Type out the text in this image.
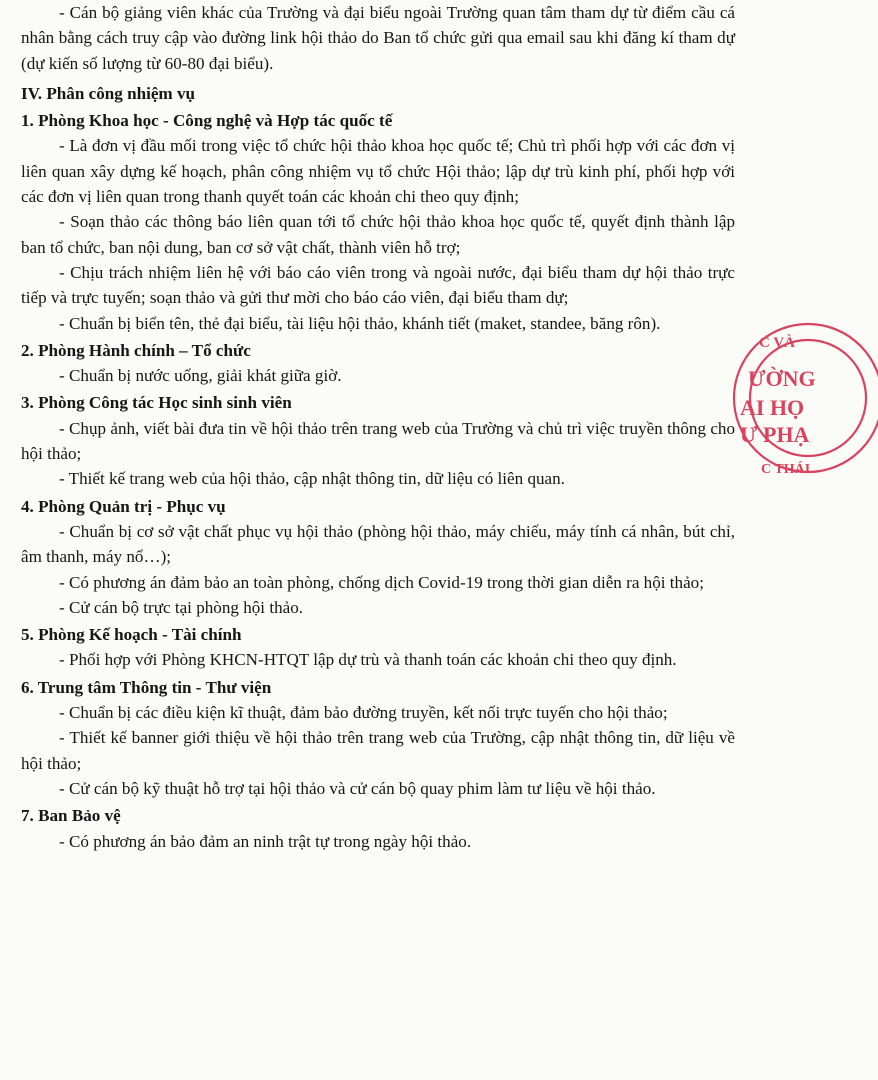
- Cán bộ giảng viên khác của Trường và đại biểu ngoài Trường quan tâm tham dự từ điểm cầu cá nhân bằng cách truy cập vào đường link hội thảo do Ban tổ chức gửi qua email sau khi đăng kí tham dự (dự kiến số lượng từ 60-80 đại biểu).

IV. Phân công nhiệm vụ

1. Phòng Khoa học - Công nghệ và Hợp tác quốc tế

- Là đơn vị đầu mối trong việc tổ chức hội thảo khoa học quốc tế; Chủ trì phối hợp với các đơn vị liên quan xây dựng kế hoạch, phân công nhiệm vụ tổ chức Hội thảo; lập dự trù kinh phí, phối hợp với các đơn vị liên quan trong thanh quyết toán các khoản chi theo quy định;

- Soạn thảo các thông báo liên quan tới tổ chức hội thảo khoa học quốc tế, quyết định thành lập ban tổ chức, ban nội dung, ban cơ sở vật chất, thành viên hỗ trợ;

- Chịu trách nhiệm liên hệ với báo cáo viên trong và ngoài nước, đại biểu tham dự hội thảo trực tiếp và trực tuyến; soạn thảo và gửi thư mời cho báo cáo viên, đại biểu tham dự;

- Chuẩn bị biển tên, thẻ đại biểu, tài liệu hội thảo, khánh tiết (maket, standee, băng rôn).

2. Phòng Hành chính – Tổ chức

- Chuẩn bị nước uống, giải khát giữa giờ.

3. Phòng Công tác Học sinh sinh viên

- Chụp ảnh, viết bài đưa tin về hội thảo trên trang web của Trường và chủ trì việc truyền thông cho hội thảo;

- Thiết kế trang web của hội thảo, cập nhật thông tin, dữ liệu có liên quan.

4. Phòng Quản trị - Phục vụ

- Chuẩn bị cơ sở vật chất phục vụ hội thảo (phòng hội thảo, máy chiếu, máy tính cá nhân, bút chỉ, âm thanh, máy nổ…);

- Có phương án đảm bảo an toàn phòng, chống dịch Covid-19 trong thời gian diễn ra hội thảo;

- Cử cán bộ trực tại phòng hội thảo.

5. Phòng Kế hoạch - Tài chính

- Phối hợp với Phòng KHCN-HTQT lập dự trù và thanh toán các khoản chi theo quy định.

6. Trung tâm Thông tin - Thư viện

- Chuẩn bị các điều kiện kĩ thuật, đảm bảo đường truyền, kết nối trực tuyến cho hội thảo;

- Thiết kế banner giới thiệu về hội thảo trên trang web của Trường, cập nhật thông tin, dữ liệu về hội thảo;

- Cử cán bộ kỹ thuật hỗ trợ tại hội thảo và cử cán bộ quay phim làm tư liệu về hội thảo.

7. Ban Bảo vệ

- Có phương án bảo đảm an ninh trật tự trong ngày hội thảo.

C VÀ
ƯỜNG
AI HỌ
Ư PHẠ
C THÁI
